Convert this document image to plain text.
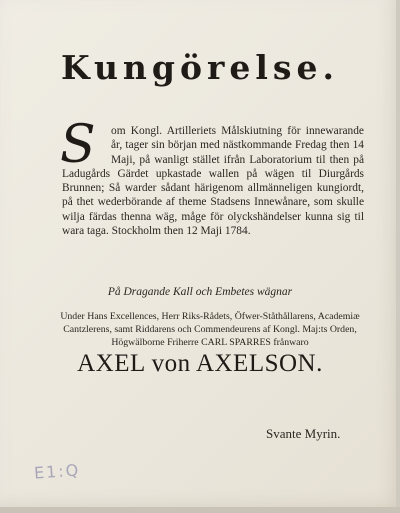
Kungörelse.

S	om Kongl. Artilleriets Målskiutning för innewarande år, tager sin början med nästkommande Fredag then 14 Maji, på wanligt stället ifrån Laboratorium til then på Ladugårds Gärdet upkastade wallen på wägen til Diurgårds Brunnen; Så warder sådant härigenom allmänneligen kungiordt, på thet wederbörande af theme Stadsens Innewånare, som skulle wilja färdas thenna wäg, måge för olyckshändelser kunna sig til wara taga. Stockholm then 12 Maji 1784.

På Dragande Kall och Embetes wägnar

Under Hans Excellences, Herr Riks-Rådets, Öfwer-Ståthållarens, Academiæ Cantzlerens, samt Riddarens och Commendeurens af Kongl. Maj:ts Orden, Högwälborne Friherre CARL SPARRES frånwaro

AXEL von AXELSON.

Svante Myrin.

E1:Q
